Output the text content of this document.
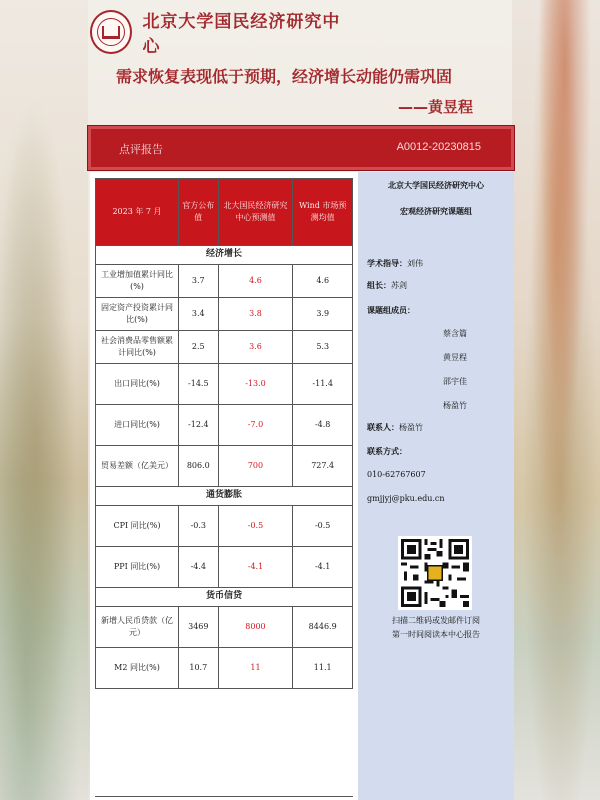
北京大学国民经济研究中心
需求恢复表现低于预期，经济增长动能仍需巩固
——黄昱程
点评报告	A0012-20230815
2023 年 7 月	官方公布值	北大国民经济研究中心预测值	Wind 市场预测均值
经济增长			
工业增加值累计同比(%)	3.7	4.6	4.6
固定资产投资累计同比(%)	3.4	3.8	3.9
社会消费品零售额累计同比(%)	2.5	3.6	5.3
出口同比(%)	-14.5	-13.0	-11.4
进口同比(%)	-12.4	-7.0	-4.8
贸易差额（亿美元）	806.0	700	727.4
通货膨胀			
CPI 同比(%)	-0.3	-0.5	-0.5
PPI 同比(%)	-4.4	-4.1	-4.1
货币信贷			
新增人民币贷款（亿元）	3469	8000	8446.9
M2 同比(%)	10.7	11	11.1
北京大学国民经济研究中心
宏观经济研究课题组
学术指导：刘伟
组长：苏剑
课题组成员：
蔡含篇
黄昱程
邵宇佳
杨盈竹
联系人：杨盈竹
联系方式：
010-62767607
gmjjyj@pku.edu.cn
扫描二维码或发邮件订阅
第一时间阅读本中心报告
